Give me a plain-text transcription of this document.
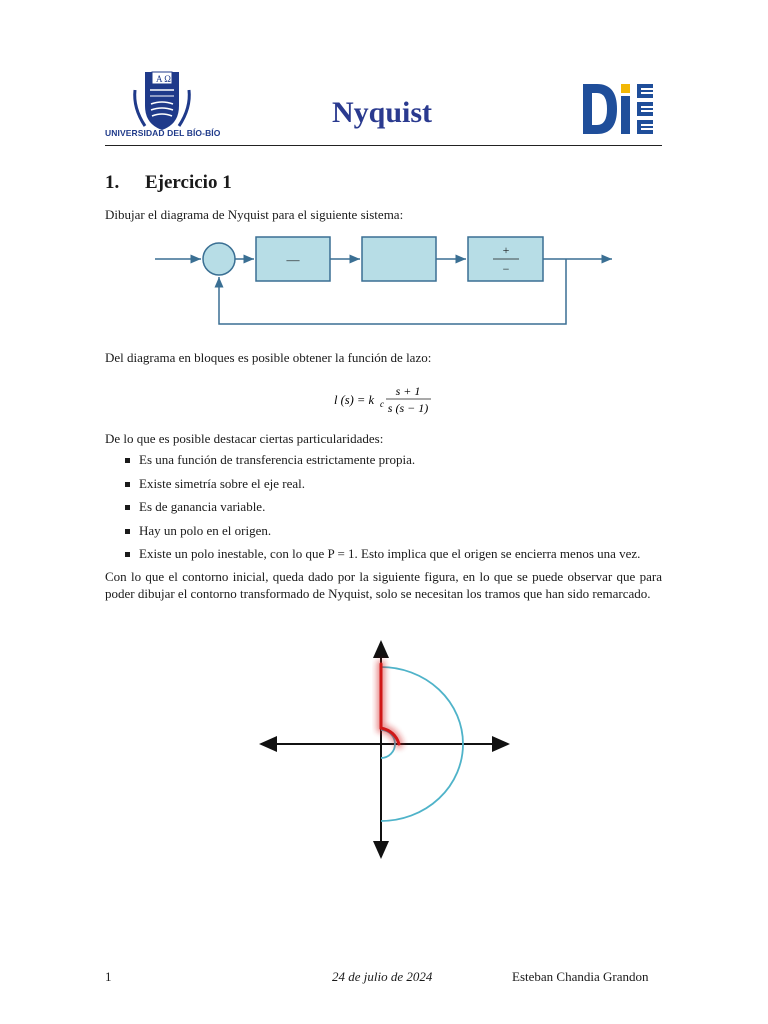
Α Ω
UNIVERSIDAD DEL BÍO-BÍO
Nyquist
1. Ejercicio 1
Dibujar el diagrama de Nyquist para el siguiente sistema:
—
+
−
Del diagrama en bloques es posible obtener la función de lazo:
l (s) = k c
s + 1
s (s − 1)
De lo que es posible destacar ciertas particularidades:
Es una función de transferencia estrictamente propia.
Existe simetría sobre el eje real.
Es de ganancia variable.
Hay un polo en el origen.
Existe un polo inestable, con lo que P = 1. Esto implica que el origen se encierra menos una vez.
Con lo que el contorno inicial, queda dado por la siguiente figura, en lo que se puede observar que para poder dibujar el contorno transformado de Nyquist, solo se necesitan los tramos que han sido remarcado.
1	24 de julio de 2024	Esteban Chandia Grandon
